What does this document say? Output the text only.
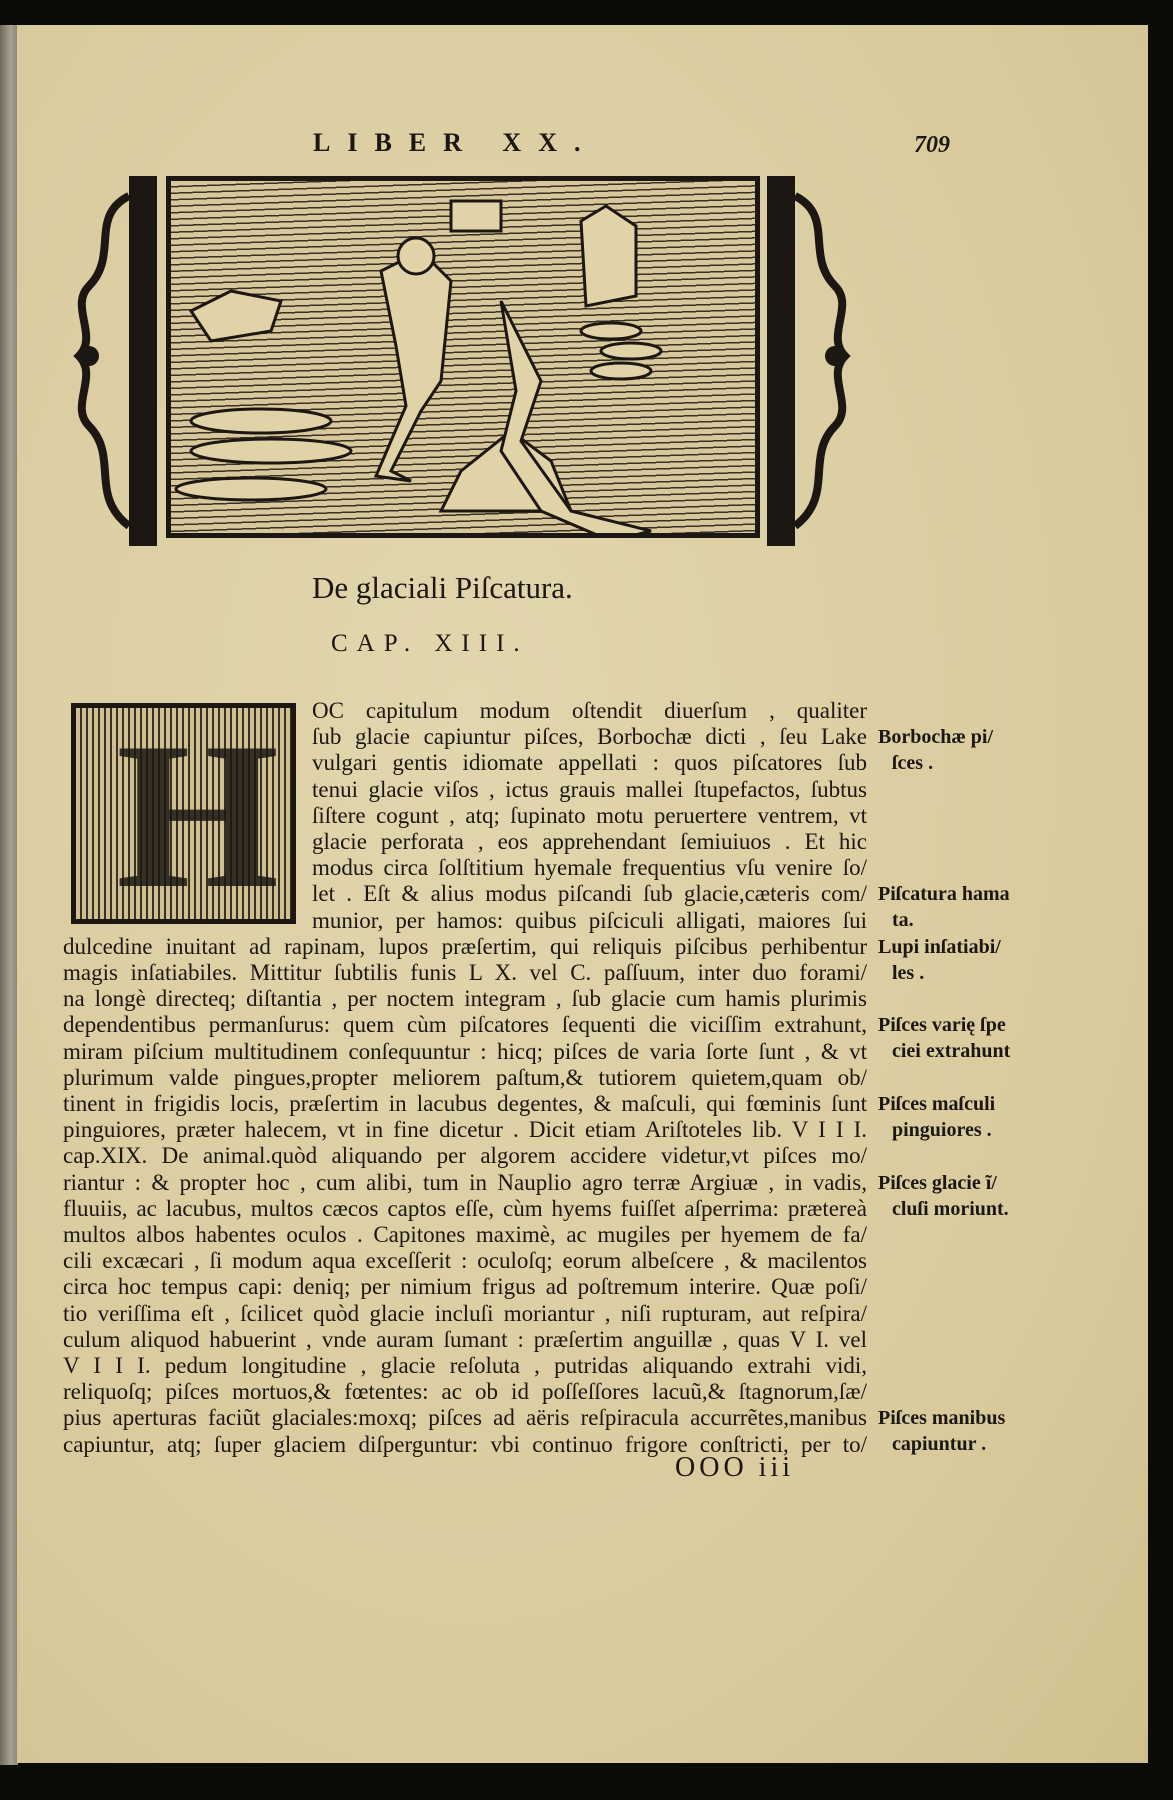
LIBER XX.	709
De glaciali Piſcatura.
CAP. XIII.
H OC capitulum modum oſtendit diuerſum , qualiter
ſub glacie capiuntur piſces, Borbochæ dicti , ſeu Lake
vulgari gentis idiomate appellati : quos piſcatores ſub
tenui glacie viſos , ictus grauis mallei ſtupefactos, ſubtus
ſiſtere cogunt , atq; ſupinato motu peruertere ventrem, vt
glacie perforata , eos apprehendant ſemiuiuos . Et hic
modus circa ſolſtitium hyemale frequentius vſu venire ſo/
let . Eſt & alius modus piſcandi ſub glacie,cæteris com/
munior, per hamos: quibus piſciculi alligati, maiores ſui
dulcedine inuitant ad rapinam, lupos præſertim, qui reliquis piſcibus perhibentur
magis inſatiabiles. Mittitur ſubtilis funis L X. vel C. paſſuum, inter duo forami/
na longè directeq; diſtantia , per noctem integram , ſub glacie cum hamis plurimis
dependentibus permanſurus: quem cùm piſcatores ſequenti die viciſſim extrahunt,
miram piſcium multitudinem conſequuntur : hicq; piſces de varia ſorte ſunt , & vt
plurimum valde pingues,propter meliorem paſtum,& tutiorem quietem,quam ob/
tinent in frigidis locis, præſertim in lacubus degentes, & maſculi, qui fœminis ſunt
pinguiores, præter halecem, vt in fine dicetur . Dicit etiam Ariſtoteles lib. V I I I.
cap.XIX. De animal.quòd aliquando per algorem accidere videtur,vt piſces mo/
riantur : & propter hoc , cum alibi, tum in Nauplio agro terræ Argiuæ , in vadis,
fluuiis, ac lacubus, multos cæcos captos eſſe, cùm hyems fuiſſet aſperrima: prætereà
multos albos habentes oculos . Capitones maximè, ac mugiles per hyemem de fa/
cili excæcari , ſi modum aqua exceſſerit : oculoſq; eorum albeſcere , & macilentos
circa hoc tempus capi: deniq; per nimium frigus ad poſtremum interire. Quæ poſi/
tio veriſſima eſt , ſcilicet quòd glacie incluſi moriantur , niſi rupturam, aut reſpira/
culum aliquod habuerint , vnde auram ſumant : præſertim anguillæ , quas V I. vel
V I I I. pedum longitudine , glacie reſoluta , putridas aliquando extrahi vidi,
reliquoſq; piſces mortuos,& fœtentes: ac ob id poſſeſſores lacuũ,& ſtagnorum,ſæ/
pius aperturas faciũt glaciales:moxq; piſces ad aëris reſpiracula accurrẽtes,manibus
capiuntur, atq; ſuper glaciem diſperguntur: vbi continuo frigore conſtricti, per to/
Borbochæ pi/
ſces .
Piſcatura hama
ta.
Lupi inſatiabi/
les .
Piſces varię ſpe
ciei extrahunt
Piſces maſculi
pinguiores .
Piſces glacie ĩ/
cluſi moriunt.
Piſces manibus
capiuntur .
OOO iii
